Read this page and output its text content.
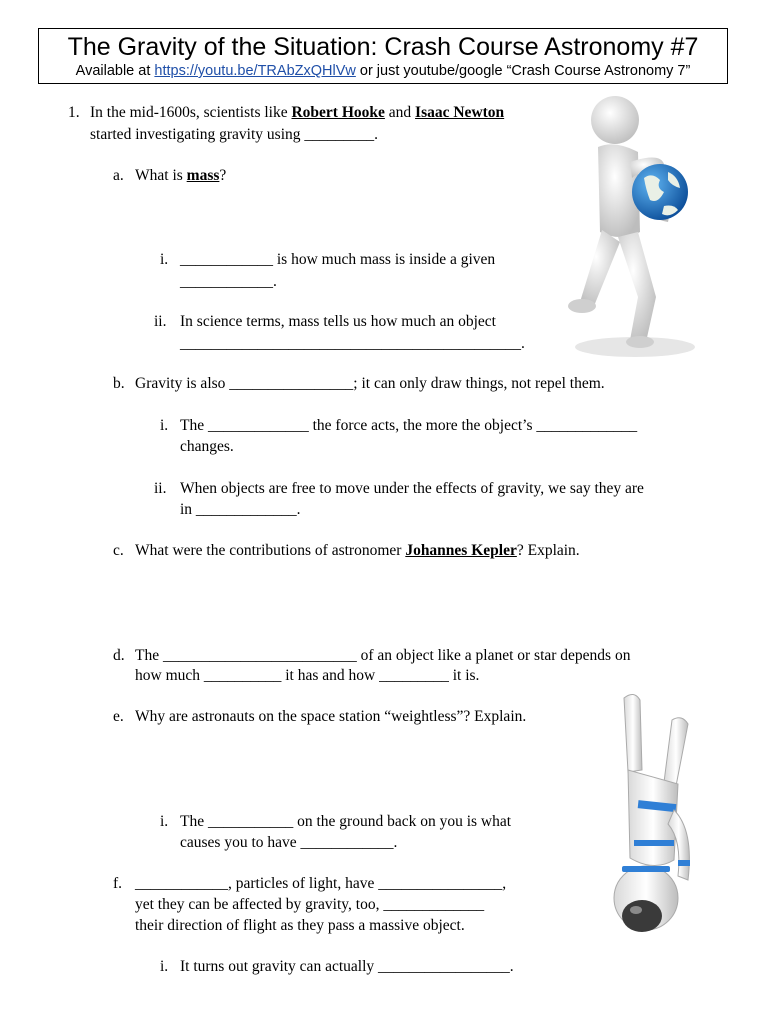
The Gravity of the Situation: Crash Course Astronomy #7
Available at https://youtu.be/TRAbZxQHlVw or just youtube/google “Crash Course Astronomy 7”
1. In the mid-1600s, scientists like Robert Hooke and Isaac Newton
started investigating gravity using _________.
a. What is mass?
i. ____________ is how much mass is inside a given
____________.
ii. In science terms, mass tells us how much an object
____________________________________________.
b. Gravity is also ________________; it can only draw things, not repel them.
i. The _____________ the force acts, the more the object’s _____________
changes.
ii. When objects are free to move under the effects of gravity, we say they are
in _____________.
c. What were the contributions of astronomer Johannes Kepler? Explain.
d. The _________________________ of an object like a planet or star depends on
how much __________ it has and how _________ it is.
e. Why are astronauts on the space station “weightless”? Explain.
i. The ___________ on the ground back on you is what
causes you to have ____________.
f. ____________, particles of light, have ________________,
yet they can be affected by gravity, too, _____________
their direction of flight as they pass a massive object.
i. It turns out gravity can actually _________________.
